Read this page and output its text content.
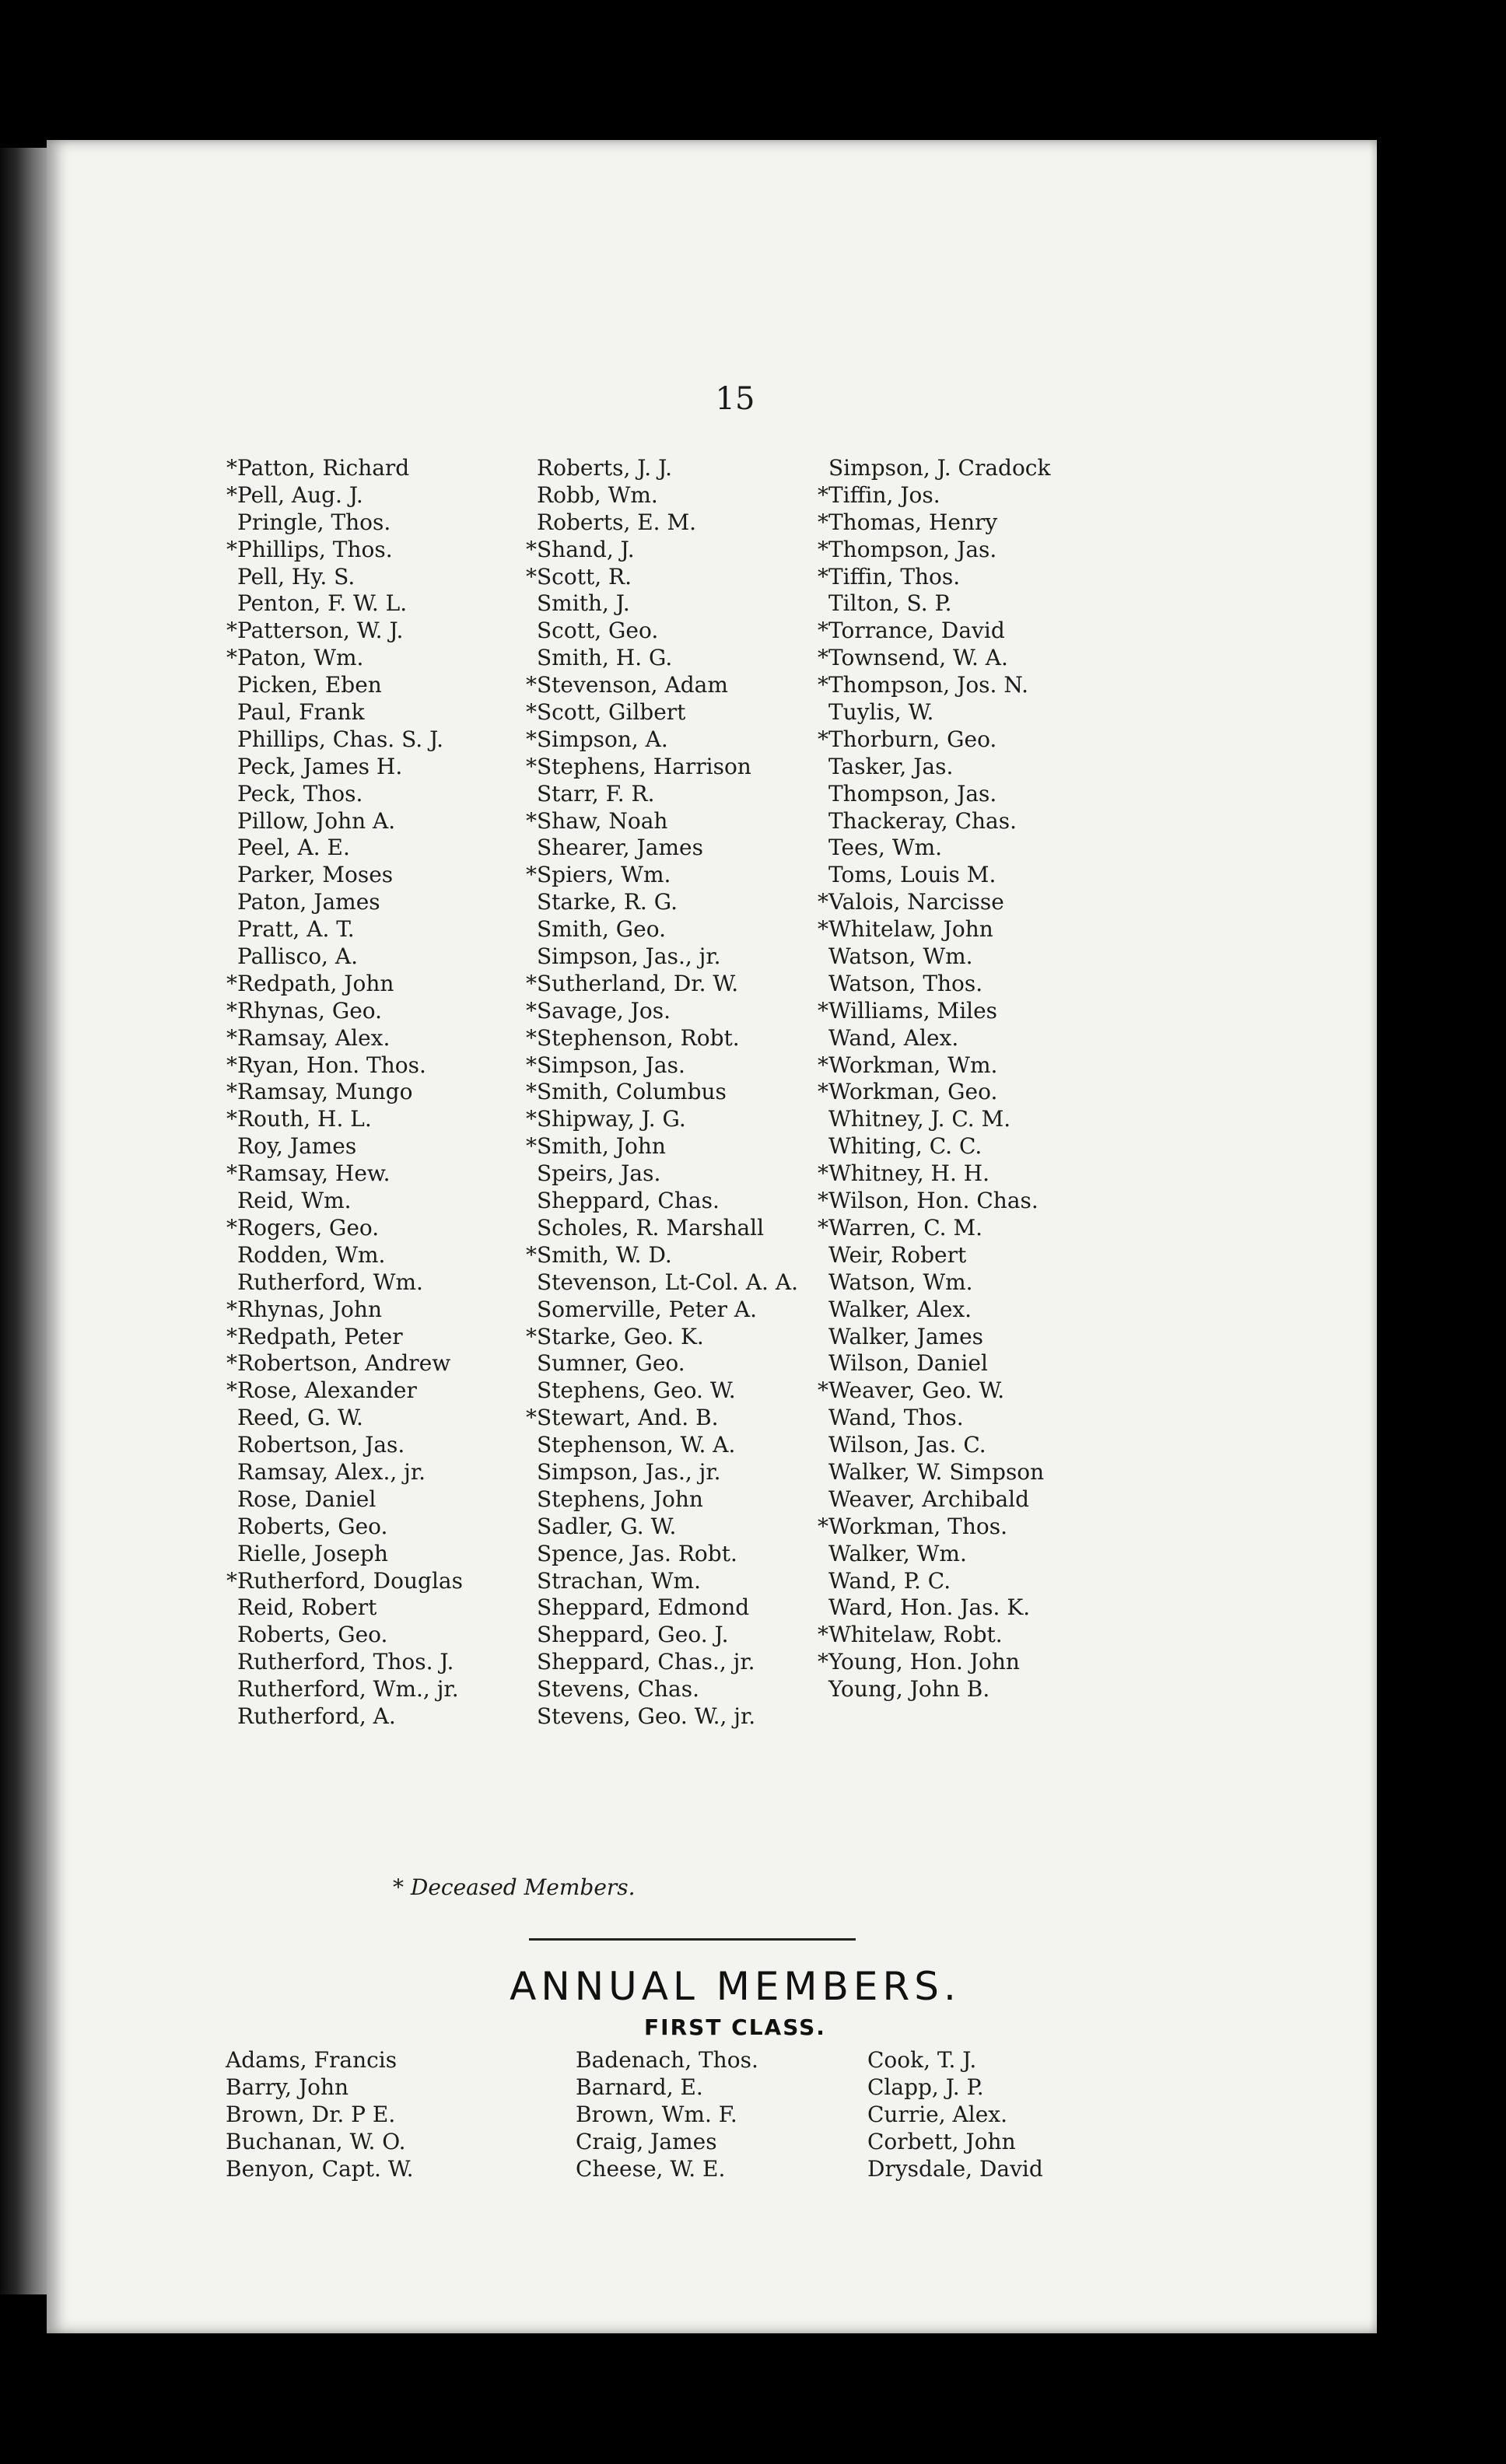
15
*Patton, Richard
*Pell, Aug. J.
Pringle, Thos.
*Phillips, Thos.
Pell, Hy. S.
Penton, F. W. L.
*Patterson, W. J.
*Paton, Wm.
Picken, Eben
Paul, Frank
Phillips, Chas. S. J.
Peck, James H.
Peck, Thos.
Pillow, John A.
Peel, A. E.
Parker, Moses
Paton, James
Pratt, A. T.
Pallisco, A.
*Redpath, John
*Rhynas, Geo.
*Ramsay, Alex.
*Ryan, Hon. Thos.
*Ramsay, Mungo
*Routh, H. L.
Roy, James
*Ramsay, Hew.
Reid, Wm.
*Rogers, Geo.
Rodden, Wm.
Rutherford, Wm.
*Rhynas, John
*Redpath, Peter
*Robertson, Andrew
*Rose, Alexander
Reed, G. W.
Robertson, Jas.
Ramsay, Alex., jr.
Rose, Daniel
Roberts, Geo.
Rielle, Joseph
*Rutherford, Douglas
Reid, Robert
Roberts, Geo.
Rutherford, Thos. J.
Rutherford, Wm., jr.
Rutherford, A.
Roberts, J. J.
Robb, Wm.
Roberts, E. M.
*Shand, J.
*Scott, R.
Smith, J.
Scott, Geo.
Smith, H. G.
*Stevenson, Adam
*Scott, Gilbert
*Simpson, A.
*Stephens, Harrison
Starr, F. R.
*Shaw, Noah
Shearer, James
*Spiers, Wm.
Starke, R. G.
Smith, Geo.
Simpson, Jas., jr.
*Sutherland, Dr. W.
*Savage, Jos.
*Stephenson, Robt.
*Simpson, Jas.
*Smith, Columbus
*Shipway, J. G.
*Smith, John
Speirs, Jas.
Sheppard, Chas.
Scholes, R. Marshall
*Smith, W. D.
Stevenson, Lt-Col. A. A.
Somerville, Peter A.
*Starke, Geo. K.
Sumner, Geo.
Stephens, Geo. W.
*Stewart, And. B.
Stephenson, W. A.
Simpson, Jas., jr.
Stephens, John
Sadler, G. W.
Spence, Jas. Robt.
Strachan, Wm.
Sheppard, Edmond
Sheppard, Geo. J.
Sheppard, Chas., jr.
Stevens, Chas.
Stevens, Geo. W., jr.
Simpson, J. Cradock
*Tiffin, Jos.
*Thomas, Henry
*Thompson, Jas.
*Tiffin, Thos.
Tilton, S. P.
*Torrance, David
*Townsend, W. A.
*Thompson, Jos. N.
Tuylis, W.
*Thorburn, Geo.
Tasker, Jas.
Thompson, Jas.
Thackeray, Chas.
Tees, Wm.
Toms, Louis M.
*Valois, Narcisse
*Whitelaw, John
Watson, Wm.
Watson, Thos.
*Williams, Miles
Wand, Alex.
*Workman, Wm.
*Workman, Geo.
Whitney, J. C. M.
Whiting, C. C.
*Whitney, H. H.
*Wilson, Hon. Chas.
*Warren, C. M.
Weir, Robert
Watson, Wm.
Walker, Alex.
Walker, James
Wilson, Daniel
*Weaver, Geo. W.
Wand, Thos.
Wilson, Jas. C.
Walker, W. Simpson
Weaver, Archibald
*Workman, Thos.
Walker, Wm.
Wand, P. C.
Ward, Hon. Jas. K.
*Whitelaw, Robt.
*Young, Hon. John
Young, John B.
* Deceased Members.
ANNUAL MEMBERS.
FIRST CLASS.
Adams, Francis
Barry, John
Brown, Dr. P E.
Buchanan, W. O.
Benyon, Capt. W.
Badenach, Thos.
Barnard, E.
Brown, Wm. F.
Craig, James
Cheese, W. E.
Cook, T. J.
Clapp, J. P.
Currie, Alex.
Corbett, John
Drysdale, David
